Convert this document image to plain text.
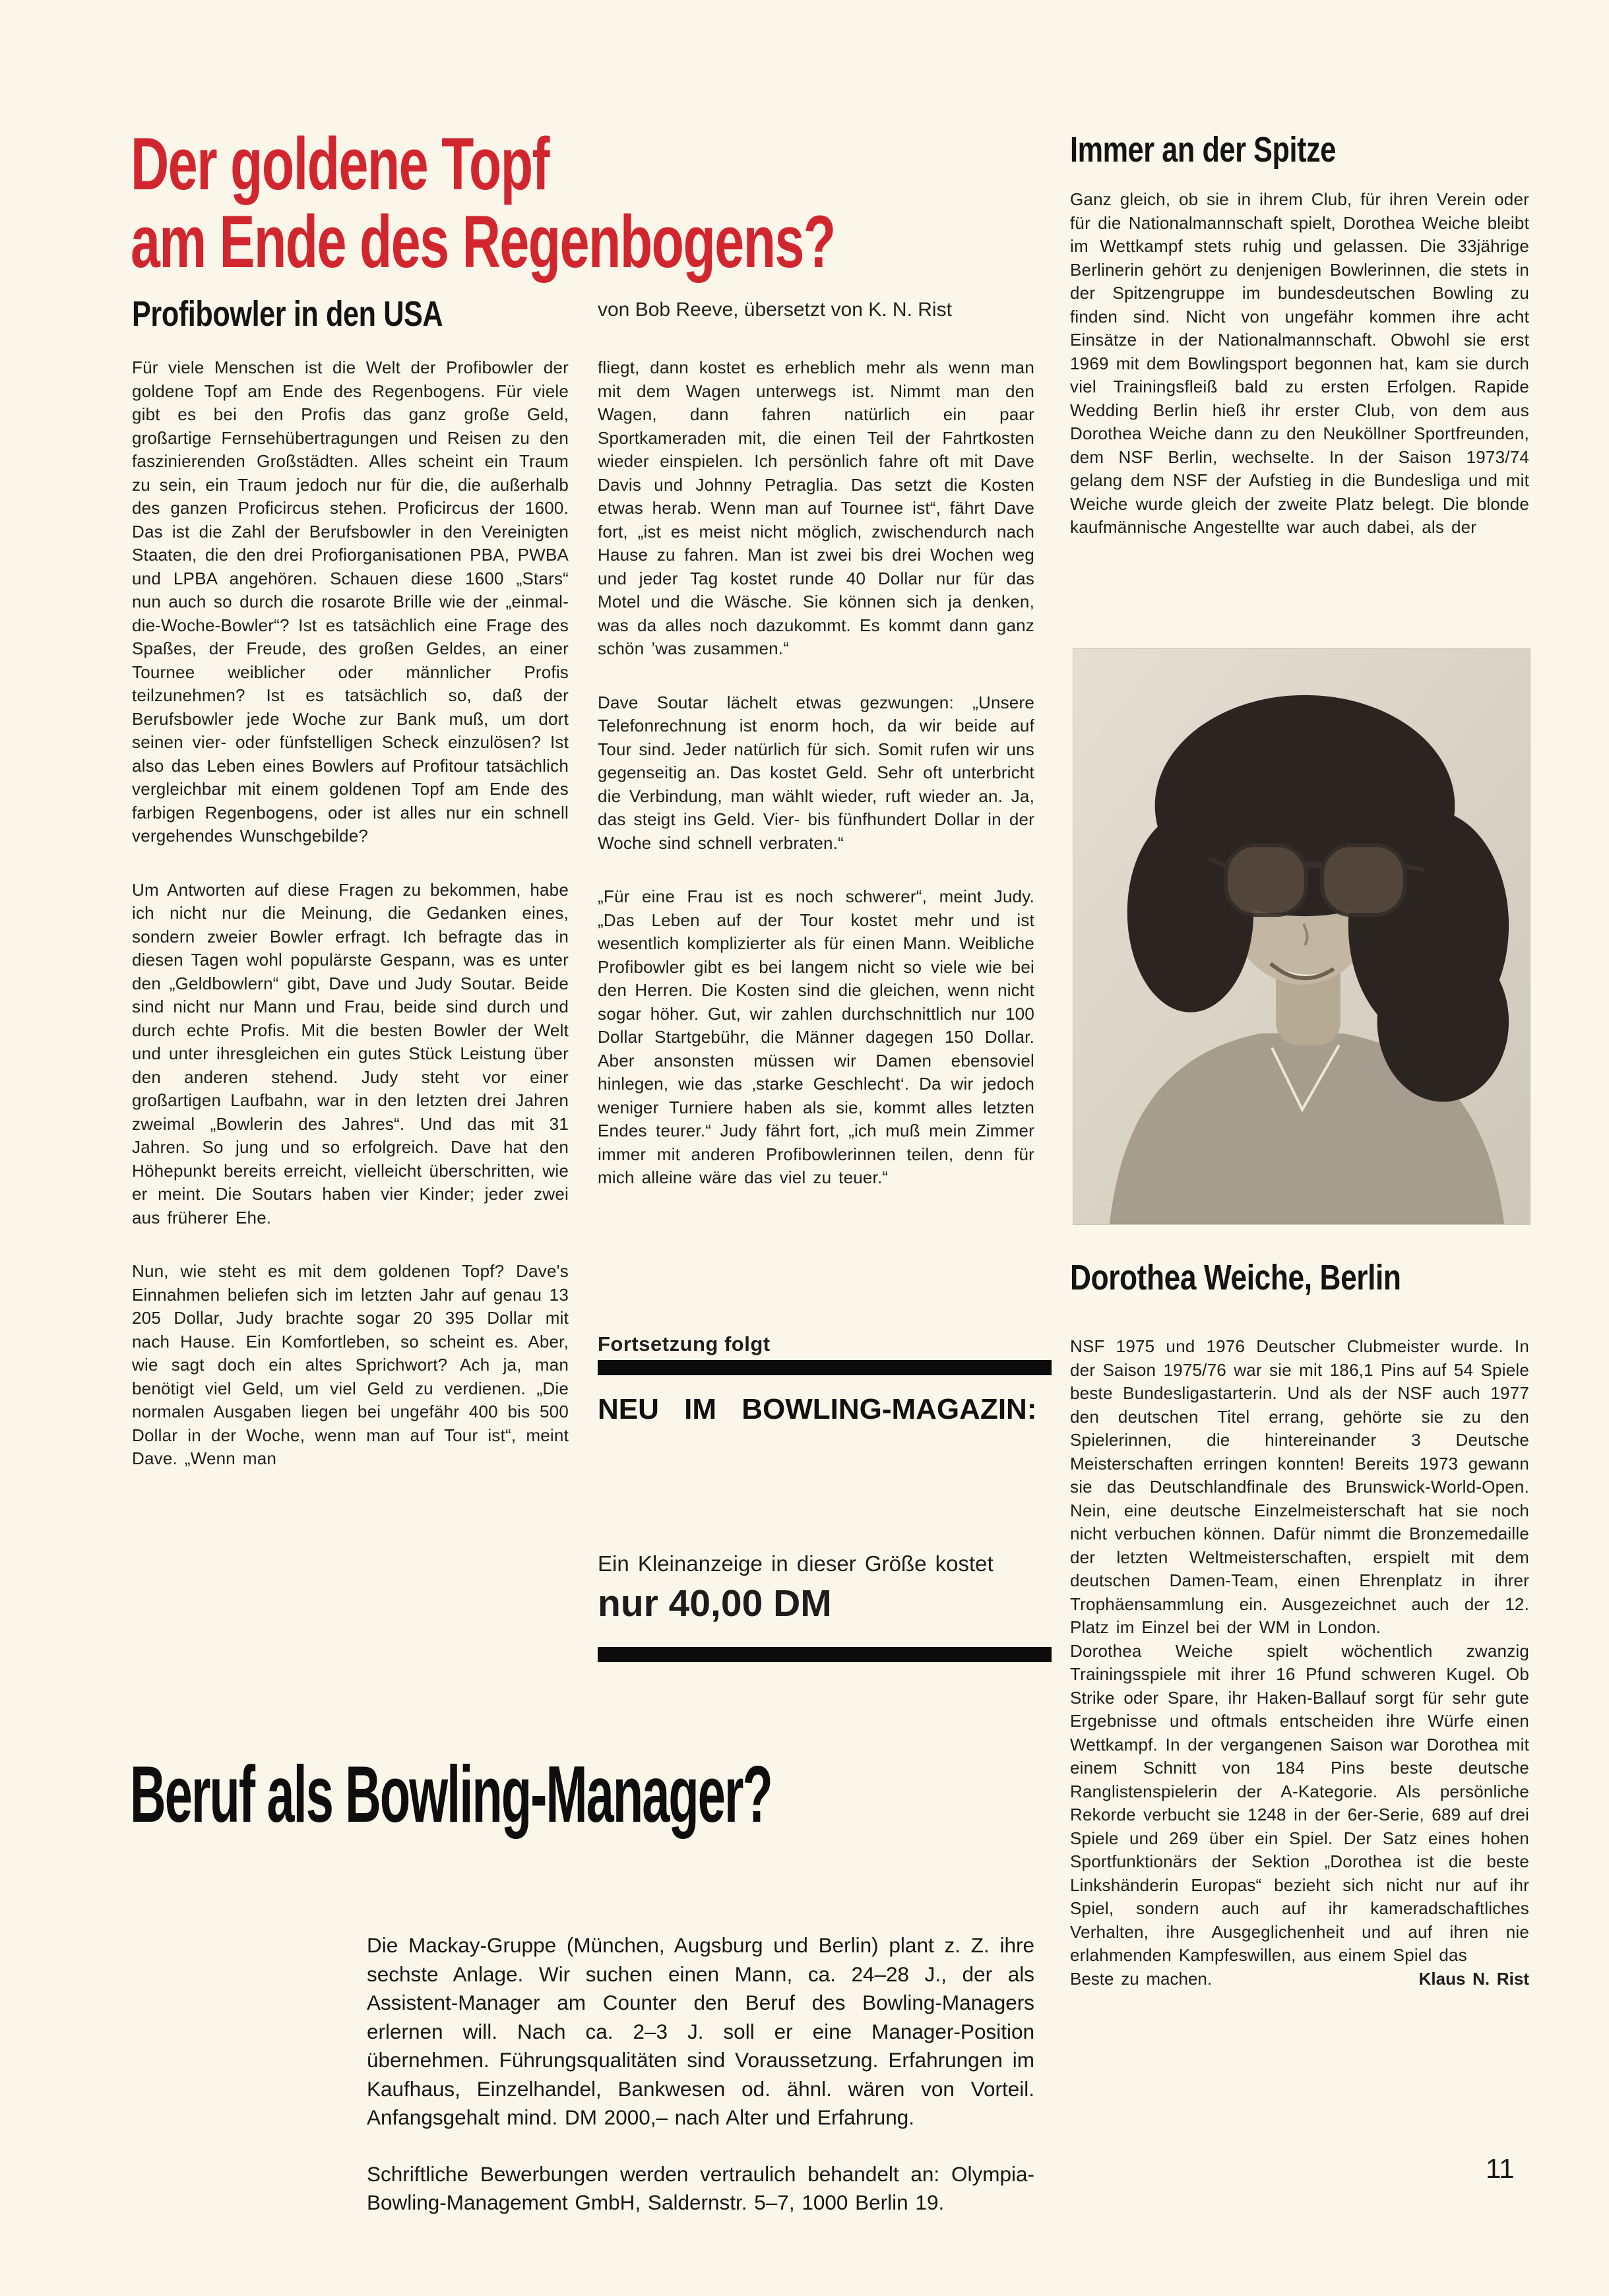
Der goldene Topf
am Ende des Regenbogens?
Profibowler in den USA	von Bob Reeve, übersetzt von K. N. Rist

Für viele Menschen ist die Welt der Profibowler der goldene Topf am Ende des Regenbogens. Für viele gibt es bei den Profis das ganz große Geld, großartige Fernsehübertragungen und Reisen zu den faszinierenden Großstädten. Alles scheint ein Traum zu sein, ein Traum jedoch nur für die, die außerhalb des ganzen Proficircus stehen. Proficircus der 1600. Das ist die Zahl der Berufsbowler in den Vereinigten Staaten, die den drei Profiorganisationen PBA, PWBA und LPBA angehören. Schauen diese 1600 „Stars“ nun auch so durch die rosarote Brille wie der „einmal-die-Woche-Bowler“? Ist es tatsächlich eine Frage des Spaßes, der Freude, des großen Geldes, an einer Tournee weiblicher oder männlicher Profis teilzunehmen? Ist es tatsächlich so, daß der Berufsbowler jede Woche zur Bank muß, um dort seinen vier- oder fünfstelligen Scheck einzulösen? Ist also das Leben eines Bowlers auf Profitour tatsächlich vergleichbar mit einem goldenen Topf am Ende des farbigen Regenbogens, oder ist alles nur ein schnell vergehendes Wunschgebilde?

Um Antworten auf diese Fragen zu bekommen, habe ich nicht nur die Meinung, die Gedanken eines, sondern zweier Bowler erfragt. Ich befragte das in diesen Tagen wohl populärste Gespann, was es unter den „Geldbowlern“ gibt, Dave und Judy Soutar. Beide sind nicht nur Mann und Frau, beide sind durch und durch echte Profis. Mit die besten Bowler der Welt und unter ihresgleichen ein gutes Stück Leistung über den anderen stehend. Judy steht vor einer großartigen Laufbahn, war in den letzten drei Jahren zweimal „Bowlerin des Jahres“. Und das mit 31 Jahren. So jung und so erfolgreich. Dave hat den Höhepunkt bereits erreicht, vielleicht überschritten, wie er meint. Die Soutars haben vier Kinder; jeder zwei aus früherer Ehe.

Nun, wie steht es mit dem goldenen Topf? Dave's Einnahmen beliefen sich im letzten Jahr auf genau 13 205 Dollar, Judy brachte sogar 20 395 Dollar mit nach Hause. Ein Komfortleben, so scheint es. Aber, wie sagt doch ein altes Sprichwort? Ach ja, man benötigt viel Geld, um viel Geld zu verdienen. „Die normalen Ausgaben liegen bei ungefähr 400 bis 500 Dollar in der Woche, wenn man auf Tour ist“, meint Dave. „Wenn man

fliegt, dann kostet es erheblich mehr als wenn man mit dem Wagen unterwegs ist. Nimmt man den Wagen, dann fahren natürlich ein paar Sportkameraden mit, die einen Teil der Fahrtkosten wieder einspielen. Ich persönlich fahre oft mit Dave Davis und Johnny Petraglia. Das setzt die Kosten etwas herab. Wenn man auf Tournee ist“, fährt Dave fort, „ist es meist nicht möglich, zwischendurch nach Hause zu fahren. Man ist zwei bis drei Wochen weg und jeder Tag kostet runde 40 Dollar nur für das Motel und die Wäsche. Sie können sich ja denken, was da alles noch dazukommt. Es kommt dann ganz schön ’was zusammen.“

Dave Soutar lächelt etwas gezwungen: „Unsere Telefonrechnung ist enorm hoch, da wir beide auf Tour sind. Jeder natürlich für sich. Somit rufen wir uns gegenseitig an. Das kostet Geld. Sehr oft unterbricht die Verbindung, man wählt wieder, ruft wieder an. Ja, das steigt ins Geld. Vier- bis fünfhundert Dollar in der Woche sind schnell verbraten.“

„Für eine Frau ist es noch schwerer“, meint Judy. „Das Leben auf der Tour kostet mehr und ist wesentlich komplizierter als für einen Mann. Weibliche Profibowler gibt es bei langem nicht so viele wie bei den Herren. Die Kosten sind die gleichen, wenn nicht sogar höher. Gut, wir zahlen durchschnittlich nur 100 Dollar Startgebühr, die Männer dagegen 150 Dollar. Aber ansonsten müssen wir Damen ebensoviel hinlegen, wie das ‚starke Geschlecht‘. Da wir jedoch weniger Turniere haben als sie, kommt alles letzten Endes teurer.“ Judy fährt fort, „ich muß mein Zimmer immer mit anderen Profibowlerinnen teilen, denn für mich alleine wäre das viel zu teuer.“

Fortsetzung folgt
NEU IM BOWLING-MAGAZIN:
Ein Kleinanzeige in dieser Größe kostet
nur 40,00 DM
Immer an der Spitze

Ganz gleich, ob sie in ihrem Club, für ihren Verein oder für die Nationalmannschaft spielt, Dorothea Weiche bleibt im Wettkampf stets ruhig und gelassen. Die 33jährige Berlinerin gehört zu denjenigen Bowlerinnen, die stets in der Spitzengruppe im bundesdeutschen Bowling zu finden sind. Nicht von ungefähr kommen ihre acht Einsätze in der Nationalmannschaft. Obwohl sie erst 1969 mit dem Bowlingsport begonnen hat, kam sie durch viel Trainingsfleiß bald zu ersten Erfolgen. Rapide Wedding Berlin hieß ihr erster Club, von dem aus Dorothea Weiche dann zu den Neuköllner Sportfreunden, dem NSF Berlin, wechselte. In der Saison 1973/74 gelang dem NSF der Aufstieg in die Bundesliga und mit Weiche wurde gleich der zweite Platz belegt. Die blonde kaufmännische Angestellte war auch dabei, als der

Dorothea Weiche, Berlin

NSF 1975 und 1976 Deutscher Clubmeister wurde. In der Saison 1975/76 war sie mit 186,1 Pins auf 54 Spiele beste Bundesligastarterin. Und als der NSF auch 1977 den deutschen Titel errang, gehörte sie zu den Spielerinnen, die hintereinander 3 Deutsche Meisterschaften erringen konnten! Bereits 1973 gewann sie das Deutschlandfinale des Brunswick-World-Open. Nein, eine deutsche Einzelmeisterschaft hat sie noch nicht verbuchen können. Dafür nimmt die Bronzemedaille der letzten Weltmeisterschaften, erspielt mit dem deutschen Damen-Team, einen Ehrenplatz in ihrer Trophäensammlung ein. Ausgezeichnet auch der 12. Platz im Einzel bei der WM in London.

Dorothea Weiche spielt wöchentlich zwanzig Trainingsspiele mit ihrer 16 Pfund schweren Kugel. Ob Strike oder Spare, ihr Haken-Ballauf sorgt für sehr gute Ergebnisse und oftmals entscheiden ihre Würfe einen Wettkampf. In der vergangenen Saison war Dorothea mit einem Schnitt von 184 Pins beste deutsche Ranglistenspielerin der A-Kategorie. Als persönliche Rekorde verbucht sie 1248 in der 6er-Serie, 689 auf drei Spiele und 269 über ein Spiel. Der Satz eines hohen Sportfunktionärs der Sektion „Dorothea ist die beste Linkshänderin Europas“ bezieht sich nicht nur auf ihr Spiel, sondern auch auf ihr kameradschaftliches Verhalten, ihre Ausgeglichenheit und auf ihren nie erlahmenden Kampfeswillen, aus einem Spiel das

Beste zu machen.	Klaus N. Rist
Beruf als Bowling-Manager?

Die Mackay-Gruppe (München, Augsburg und Berlin) plant z. Z. ihre sechste Anlage. Wir suchen einen Mann, ca. 24–28 J., der als Assistent-Manager am Counter den Beruf des Bowling-Managers erlernen will. Nach ca. 2–3 J. soll er eine Manager-Position übernehmen. Führungsqualitäten sind Voraussetzung. Erfahrungen im Kaufhaus, Einzelhandel, Bankwesen od. ähnl. wären von Vorteil. Anfangsgehalt mind. DM 2000,– nach Alter und Erfahrung.

Schriftliche Bewerbungen werden vertraulich behandelt an: Olympia-Bowling-Management GmbH, Saldernstr. 5–7, 1000 Berlin 19.

11
